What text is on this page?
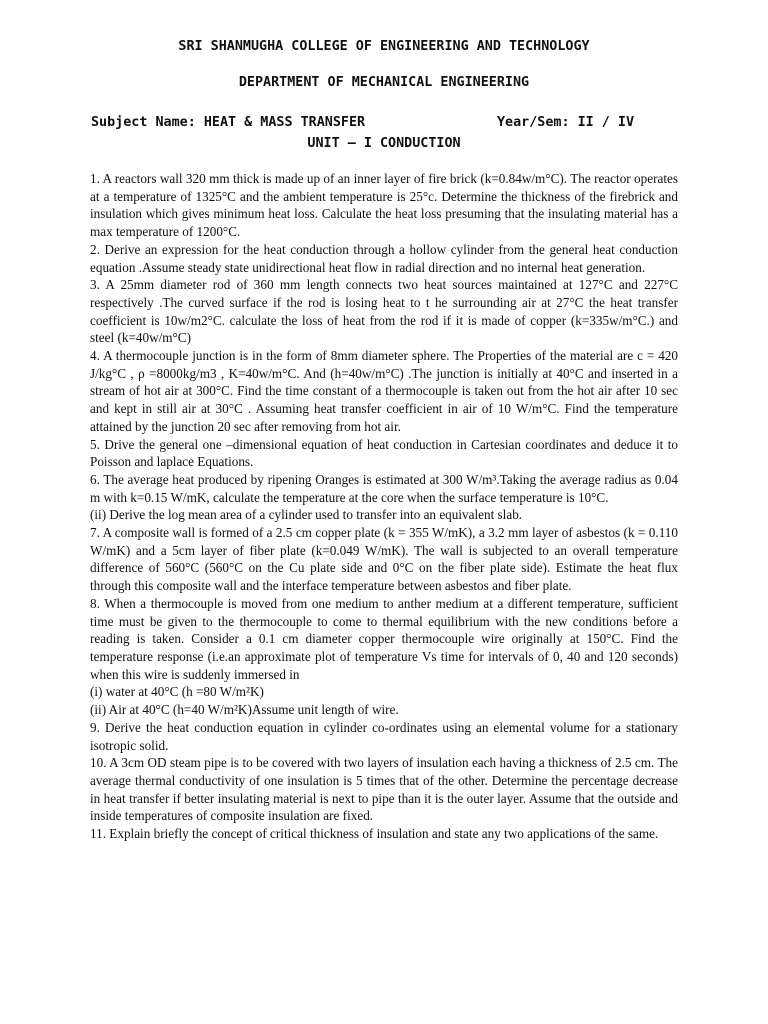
SRI SHANMUGHA COLLEGE OF ENGINEERING AND TECHNOLOGY
DEPARTMENT OF MECHANICAL ENGINEERING
Subject Name: HEAT & MASS TRANSFER	Year/Sem: II / IV
UNIT – I CONDUCTION

1. A reactors wall 320 mm thick is made up of an inner layer of fire brick (k=0.84w/m°C). The reactor operates at a temperature of 1325°C and the ambient temperature is 25°c. Determine the thickness of the firebrick and insulation which gives minimum heat loss. Calculate the heat loss presuming that the insulating material has a max temperature of 1200°C.

2. Derive an expression for the heat conduction through a hollow cylinder from the general heat conduction equation .Assume steady state unidirectional heat flow in radial direction and no internal heat generation.

3. A 25mm diameter rod of 360 mm length connects two heat sources maintained at 127°C and 227°C respectively .The curved surface if the rod is losing heat to t he surrounding air at 27°C the heat transfer coefficient is 10w/m2°C. calculate the loss of heat from the rod if it is made of copper (k=335w/m°C.) and steel (k=40w/m°C)

4. A thermocouple junction is in the form of 8mm diameter sphere. The Properties of the material are c = 420 J/kg°C , ρ =8000kg/m3 , K=40w/m°C. And (h=40w/m°C) .The junction is initially at 40°C and inserted in a stream of hot air at 300°C. Find the time constant of a thermocouple is taken out from the hot air after 10 sec and kept in still air at 30°C . Assuming heat transfer coefficient in air of 10 W/m°C. Find the temperature attained by the junction 20 sec after removing from hot air.

5. Drive the general one –dimensional equation of heat conduction in Cartesian coordinates and deduce it to Poisson and laplace Equations.

6. The average heat produced by ripening Oranges is estimated at 300 W/m³.Taking the average radius as 0.04 m with k=0.15 W/mK, calculate the temperature at the core when the surface temperature is 10°C.

(ii) Derive the log mean area of a cylinder used to transfer into an equivalent slab.

7. A composite wall is formed of a 2.5 cm copper plate (k = 355 W/mK), a 3.2 mm layer of asbestos (k = 0.110 W/mK) and a 5cm layer of fiber plate (k=0.049 W/mK). The wall is subjected to an overall temperature difference of 560°C (560°C on the Cu plate side and 0°C on the fiber plate side). Estimate the heat flux through this composite wall and the interface temperature between asbestos and fiber plate.

8. When a thermocouple is moved from one medium to anther medium at a different temperature, sufficient time must be given to the thermocouple to come to thermal equilibrium with the new conditions before a reading is taken. Consider a 0.1 cm diameter copper thermocouple wire originally at 150°C. Find the temperature response (i.e.an approximate plot of temperature Vs time for intervals of 0, 40 and 120 seconds) when this wire is suddenly immersed in

(i) water at 40°C (h =80 W/m²K)

(ii) Air at 40°C (h=40 W/m²K)Assume unit length of wire.

9. Derive the heat conduction equation in cylinder co-ordinates using an elemental volume for a stationary isotropic solid.

10. A 3cm OD steam pipe is to be covered with two layers of insulation each having a thickness of 2.5 cm. The average thermal conductivity of one insulation is 5 times that of the other. Determine the percentage decrease in heat transfer if better insulating material is next to pipe than it is the outer layer. Assume that the outside and inside temperatures of composite insulation are fixed.

11. Explain briefly the concept of critical thickness of insulation and state any two applications of the same.
